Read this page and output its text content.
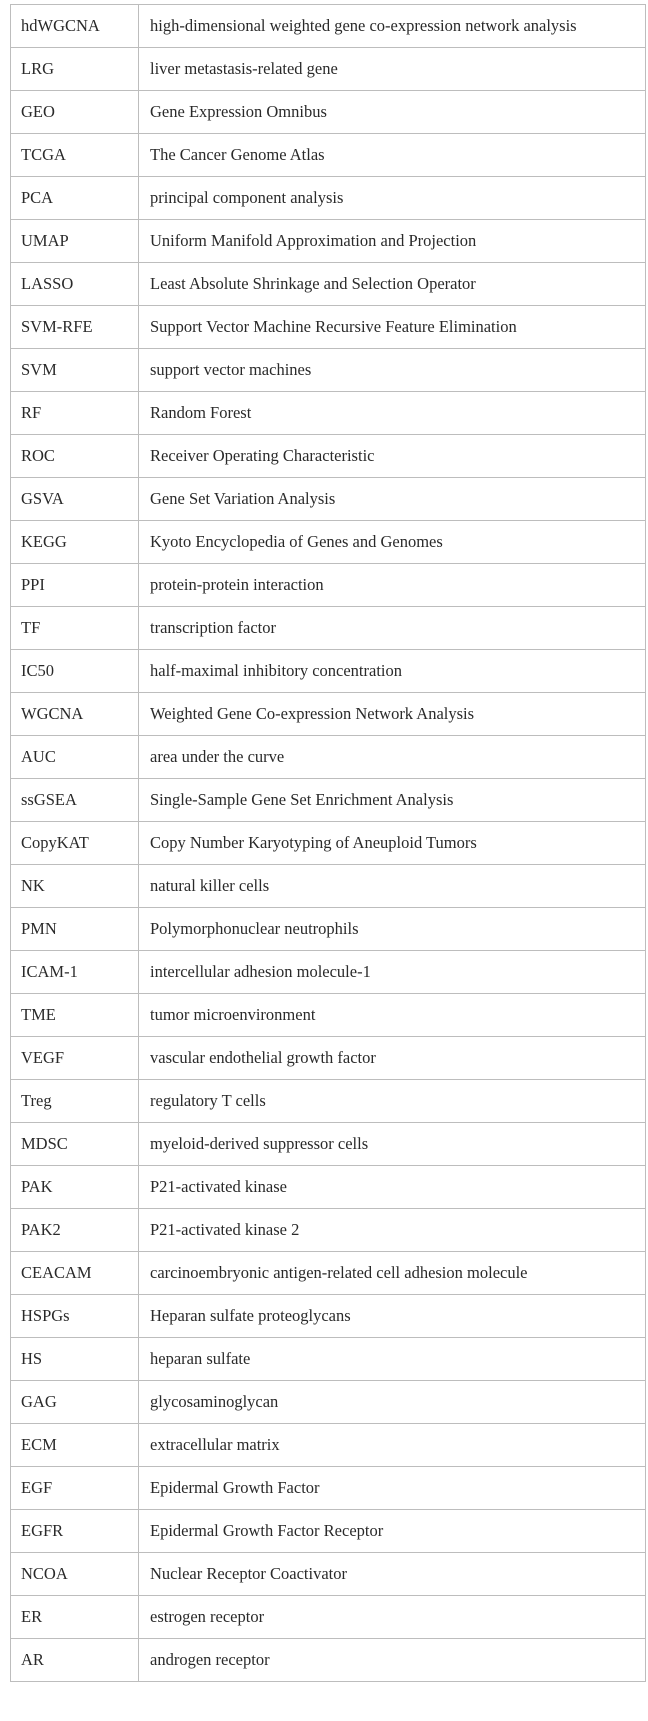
hdWGCNA	high-dimensional weighted gene co-expression network analysis
LRG	liver metastasis-related gene
GEO	Gene Expression Omnibus
TCGA	The Cancer Genome Atlas
PCA	principal component analysis
UMAP	Uniform Manifold Approximation and Projection
LASSO	Least Absolute Shrinkage and Selection Operator
SVM-RFE	Support Vector Machine Recursive Feature Elimination
SVM	support vector machines
RF	Random Forest
ROC	Receiver Operating Characteristic
GSVA	Gene Set Variation Analysis
KEGG	Kyoto Encyclopedia of Genes and Genomes
PPI	protein-protein interaction
TF	transcription factor
IC50	half-maximal inhibitory concentration
WGCNA	Weighted Gene Co-expression Network Analysis
AUC	area under the curve
ssGSEA	Single-Sample Gene Set Enrichment Analysis
CopyKAT	Copy Number Karyotyping of Aneuploid Tumors
NK	natural killer cells
PMN	Polymorphonuclear neutrophils
ICAM-1	intercellular adhesion molecule-1
TME	tumor microenvironment
VEGF	vascular endothelial growth factor
Treg	regulatory T cells
MDSC	myeloid-derived suppressor cells
PAK	P21-activated kinase
PAK2	P21-activated kinase 2
CEACAM	carcinoembryonic antigen-related cell adhesion molecule
HSPGs	Heparan sulfate proteoglycans
HS	heparan sulfate
GAG	glycosaminoglycan
ECM	extracellular matrix
EGF	Epidermal Growth Factor
EGFR	Epidermal Growth Factor Receptor
NCOA	Nuclear Receptor Coactivator
ER	estrogen receptor
AR	androgen receptor
